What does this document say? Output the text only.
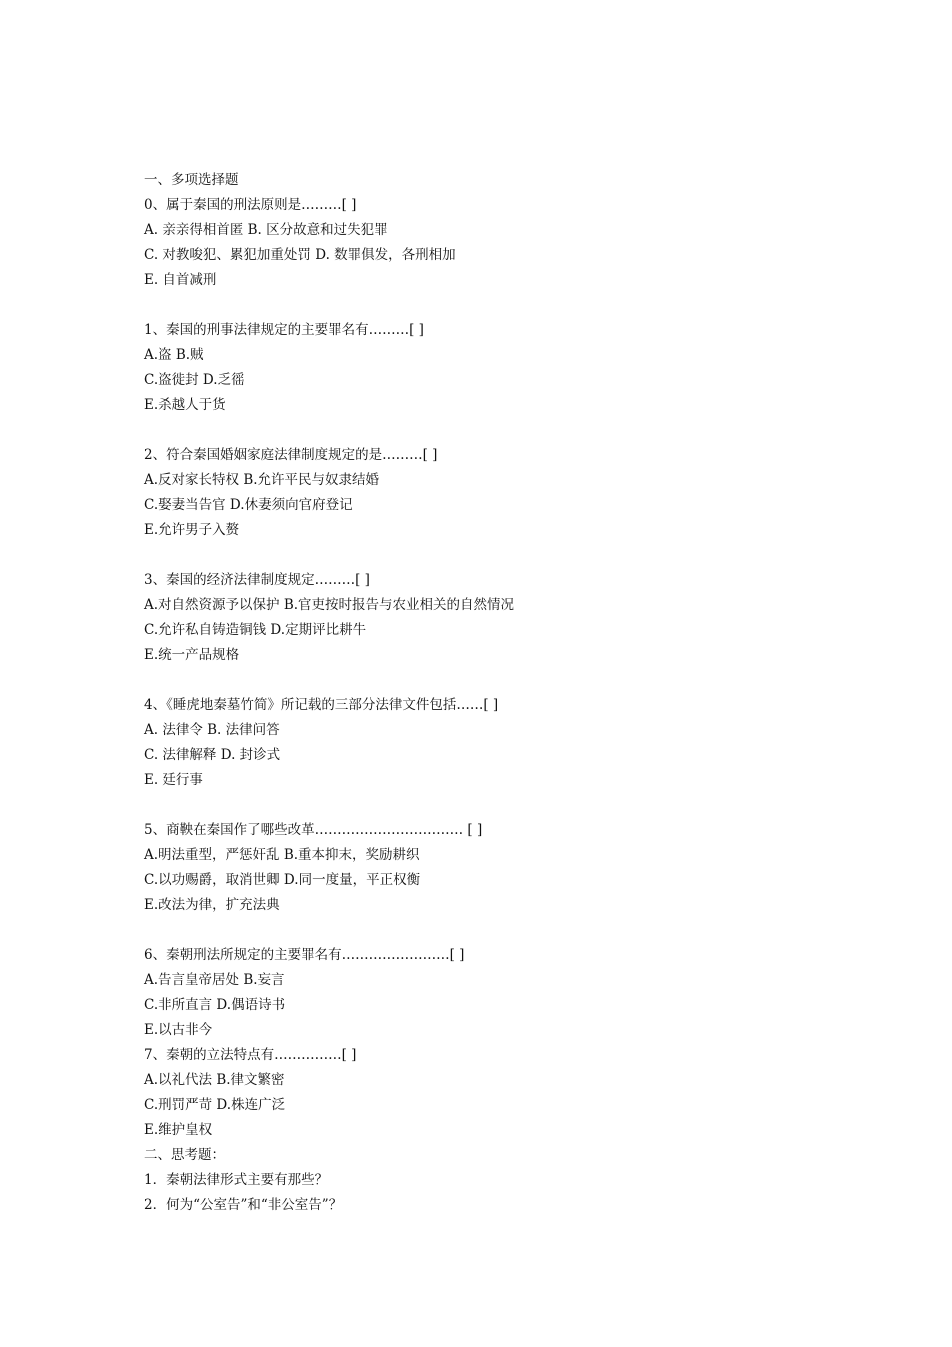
一、多项选择题
0、属于秦国的刑法原则是………[ ]
A. 亲亲得相首匿 B. 区分故意和过失犯罪
C. 对教唆犯、累犯加重处罚 D. 数罪俱发，各刑相加
E. 自首减刑
1、秦国的刑事法律规定的主要罪名有………[ ]
A.盗 B.贼
C.盗徙封 D.乏徭
E.杀越人于货
2、符合秦国婚姻家庭法律制度规定的是………[ ]
A.反对家长特权 B.允许平民与奴隶结婚
C.娶妻当告官 D.休妻须向官府登记
E.允许男子入赘
3、秦国的经济法律制度规定………[ ]
A.对自然资源予以保护 B.官吏按时报告与农业相关的自然情况
C.允许私自铸造铜钱 D.定期评比耕牛
E.统一产品规格
4、《睡虎地秦墓竹简》所记载的三部分法律文件包括……[ ]
A. 法律令 B. 法律问答
C. 法律解释 D. 封诊式
E. 廷行事
5、商鞅在秦国作了哪些改革…………………………… [ ]
A.明法重型，严惩奸乱 B.重本抑末，奖励耕织
C.以功赐爵，取消世卿 D.同一度量，平正权衡
E.改法为律，扩充法典
6、秦朝刑法所规定的主要罪名有……………………[ ]
A.告言皇帝居处 B.妄言
C.非所直言 D.偶语诗书
E.以古非今
7、秦朝的立法特点有……………[ ]
A.以礼代法 B.律文繁密
C.刑罚严苛 D.株连广泛
E.维护皇权
二、思考题：
1．秦朝法律形式主要有那些？
2．何为“公室告”和“非公室告”？
